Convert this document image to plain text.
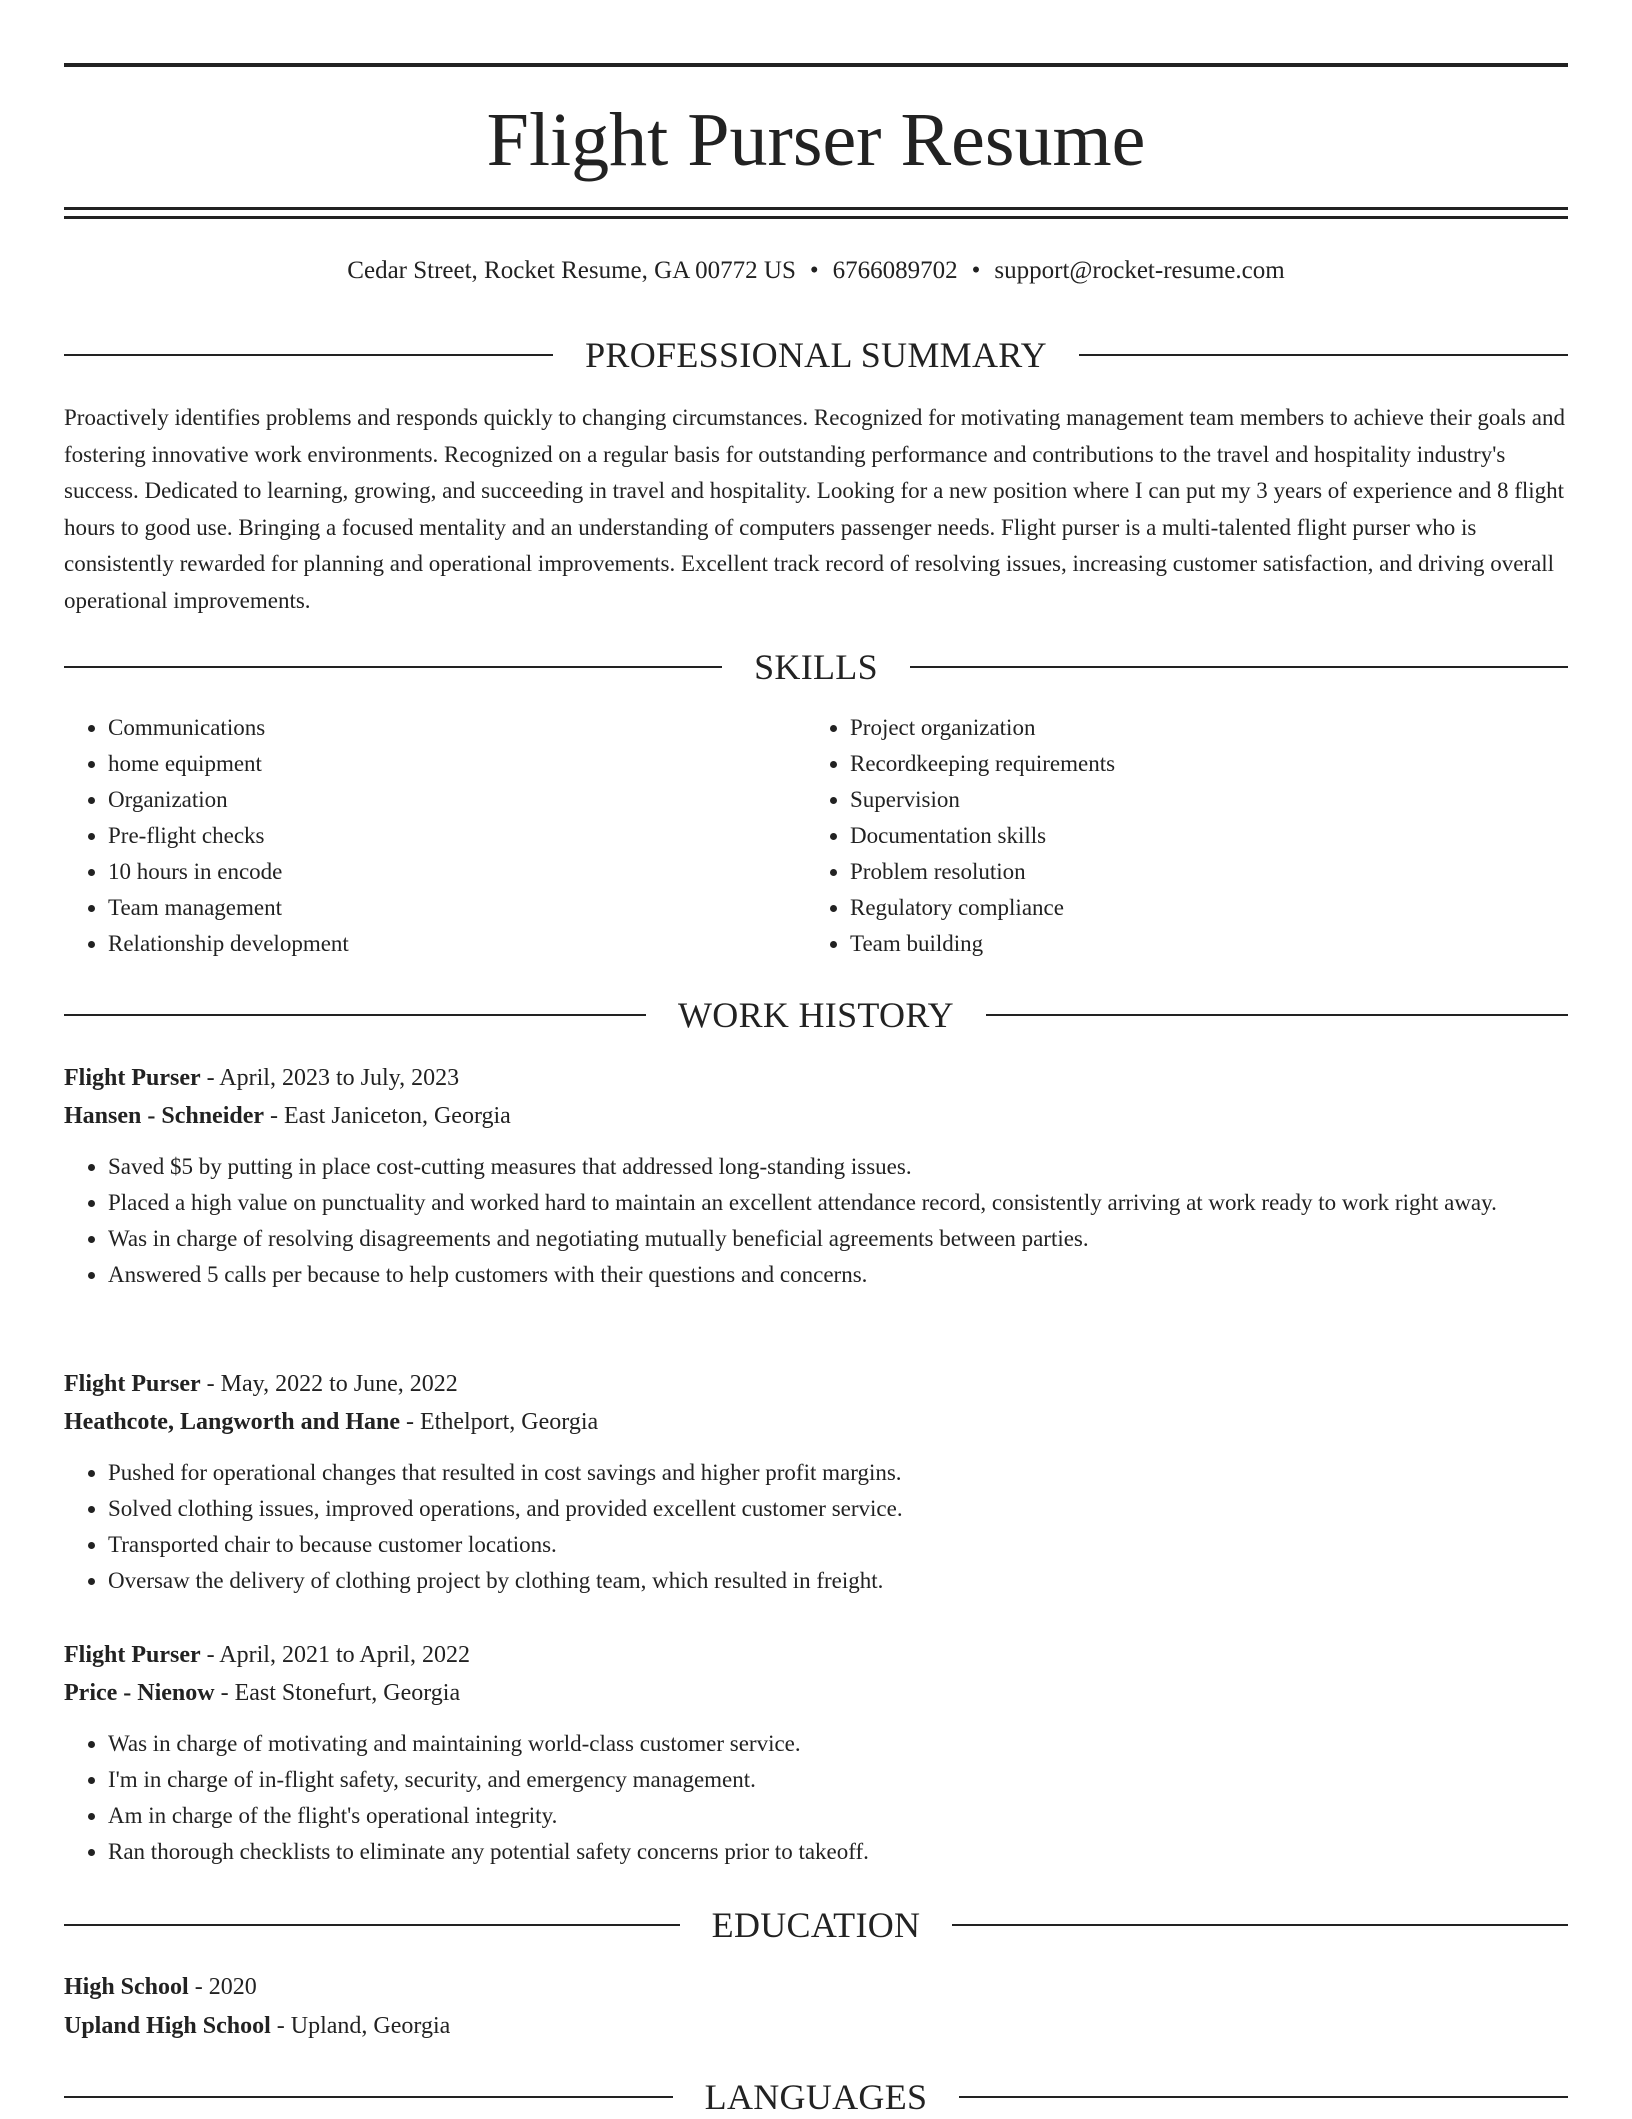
Flight Purser Resume
Cedar Street, Rocket Resume, GA 00772 US • 6766089702 • support@rocket-resume.com
PROFESSIONAL SUMMARY

Proactively identifies problems and responds quickly to changing circumstances. Recognized for motivating management team members to achieve their goals and fostering innovative work environments. Recognized on a regular basis for outstanding performance and contributions to the travel and hospitality industry's success. Dedicated to learning, growing, and succeeding in travel and hospitality. Looking for a new position where I can put my 3 years of experience and 8 flight hours to good use. Bringing a focused mentality and an understanding of computers passenger needs. Flight purser is a multi-talented flight purser who is consistently rewarded for planning and operational improvements. Excellent track record of resolving issues, increasing customer satisfaction, and driving overall operational improvements.

SKILLS
• Communications
• home equipment
• Organization
• Pre-flight checks
• 10 hours in encode
• Team management
• Relationship development
• Project organization
• Recordkeeping requirements
• Supervision
• Documentation skills
• Problem resolution
• Regulatory compliance
• Team building
WORK HISTORY

Flight Purser - April, 2023 to July, 2023

Hansen - Schneider - East Janiceton, Georgia

• Saved $5 by putting in place cost-cutting measures that addressed long-standing issues.
• Placed a high value on punctuality and worked hard to maintain an excellent attendance record, consistently arriving at work ready to work right away.
• Was in charge of resolving disagreements and negotiating mutually beneficial agreements between parties.
• Answered 5 calls per because to help customers with their questions and concerns.

Flight Purser - May, 2022 to June, 2022

Heathcote, Langworth and Hane - Ethelport, Georgia

• Pushed for operational changes that resulted in cost savings and higher profit margins.
• Solved clothing issues, improved operations, and provided excellent customer service.
• Transported chair to because customer locations.
• Oversaw the delivery of clothing project by clothing team, which resulted in freight.

Flight Purser - April, 2021 to April, 2022

Price - Nienow - East Stonefurt, Georgia

• Was in charge of motivating and maintaining world-class customer service.
• I'm in charge of in-flight safety, security, and emergency management.
• Am in charge of the flight's operational integrity.
• Ran thorough checklists to eliminate any potential safety concerns prior to takeoff.
EDUCATION

High School - 2020

Upland High School - Upland, Georgia

LANGUAGES
